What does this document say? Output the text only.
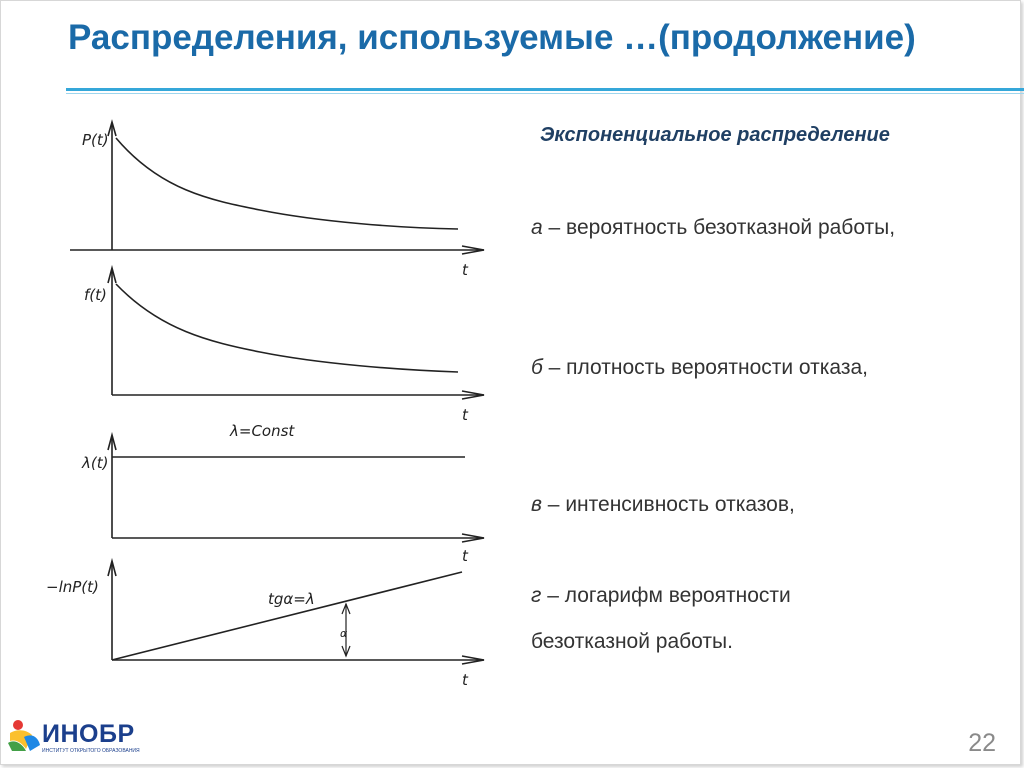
Распределения, используемые …(продолжение)
Экспоненциальное распределение
а – вероятность безотказной работы,
б – плотность вероятности отказа,
в – интенсивность отказов,
г – логарифм вероятности
безотказной работы.
P(t)
t
f(t)
t
λ=Const
λ(t)
t
−lnP(t)
tgα=λ
α
t
ИНОБР
ИНСТИТУТ ОТКРЫТОГО ОБРАЗОВАНИЯ	22
